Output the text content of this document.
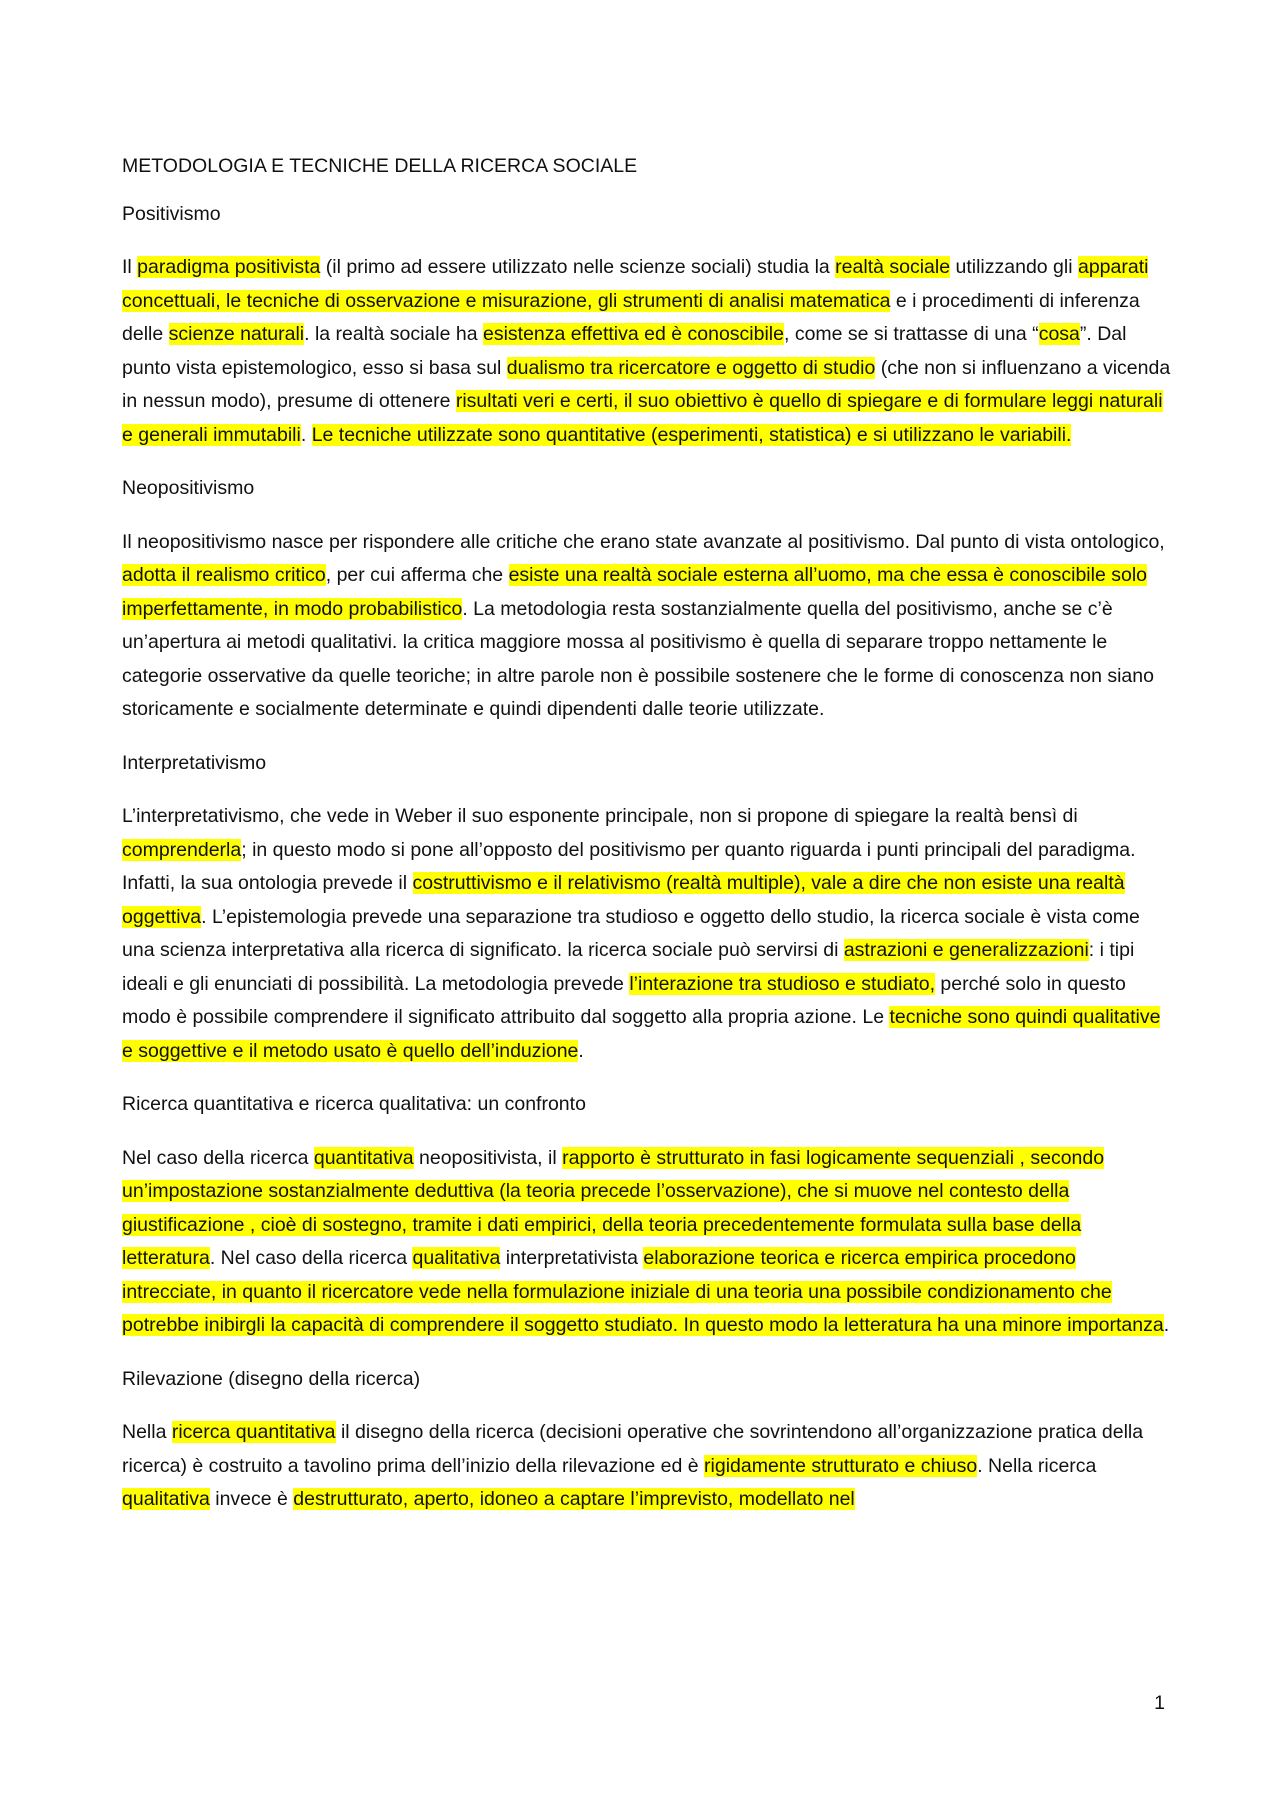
METODOLOGIA E TECNICHE DELLA RICERCA SOCIALE

Positivismo

Il paradigma positivista (il primo ad essere utilizzato nelle scienze sociali) studia la realtà sociale utilizzando gli apparati concettuali, le tecniche di osservazione e misurazione, gli strumenti di analisi matematica e i procedimenti di inferenza delle scienze naturali. la realtà sociale ha esistenza effettiva ed è conoscibile, come se si trattasse di una “cosa”. Dal punto vista epistemologico, esso si basa sul dualismo tra ricercatore e oggetto di studio (che non si influenzano a vicenda in nessun modo), presume di ottenere risultati veri e certi, il suo obiettivo è quello di spiegare e di formulare leggi naturali e generali immutabili. Le tecniche utilizzate sono quantitative (esperimenti, statistica) e si utilizzano le variabili.

Neopositivismo

Il neopositivismo nasce per rispondere alle critiche che erano state avanzate al positivismo. Dal punto di vista ontologico, adotta il realismo critico, per cui afferma che esiste una realtà sociale esterna all’uomo, ma che essa è conoscibile solo imperfettamente, in modo probabilistico. La metodologia resta sostanzialmente quella del positivismo, anche se c’è un’apertura ai metodi qualitativi. la critica maggiore mossa al positivismo è quella di separare troppo nettamente le categorie osservative da quelle teoriche; in altre parole non è possibile sostenere che le forme di conoscenza non siano storicamente e socialmente determinate e quindi dipendenti dalle teorie utilizzate.

Interpretativismo

L’interpretativismo, che vede in Weber il suo esponente principale, non si propone di spiegare la realtà bensì di comprenderla; in questo modo si pone all’opposto del positivismo per quanto riguarda i punti principali del paradigma. Infatti, la sua ontologia prevede il costruttivismo e il relativismo (realtà multiple), vale a dire che non esiste una realtà oggettiva. L’epistemologia prevede una separazione tra studioso e oggetto dello studio, la ricerca sociale è vista come una scienza interpretativa alla ricerca di significato. la ricerca sociale può servirsi di astrazioni e generalizzazioni: i tipi ideali e gli enunciati di possibilità. La metodologia prevede l’interazione tra studioso e studiato, perché solo in questo modo è possibile comprendere il significato attribuito dal soggetto alla propria azione. Le tecniche sono quindi qualitative e soggettive e il metodo usato è quello dell’induzione.

Ricerca quantitativa e ricerca qualitativa: un confronto

Nel caso della ricerca quantitativa neopositivista, il rapporto è strutturato in fasi logicamente sequenziali , secondo un’impostazione sostanzialmente deduttiva (la teoria precede l’osservazione), che si muove nel contesto della giustificazione , cioè di sostegno, tramite i dati empirici, della teoria precedentemente formulata sulla base della letteratura. Nel caso della ricerca qualitativa interpretativista elaborazione teorica e ricerca empirica procedono intrecciate, in quanto il ricercatore vede nella formulazione iniziale di una teoria una possibile condizionamento che potrebbe inibirgli la capacità di comprendere il soggetto studiato. In questo modo la letteratura ha una minore importanza.

Rilevazione (disegno della ricerca)

Nella ricerca quantitativa il disegno della ricerca (decisioni operative che sovrintendono all’organizzazione pratica della ricerca) è costruito a tavolino prima dell’inizio della rilevazione ed è rigidamente strutturato e chiuso. Nella ricerca qualitativa invece è destrutturato, aperto, idoneo a captare l’imprevisto, modellato nel

1
